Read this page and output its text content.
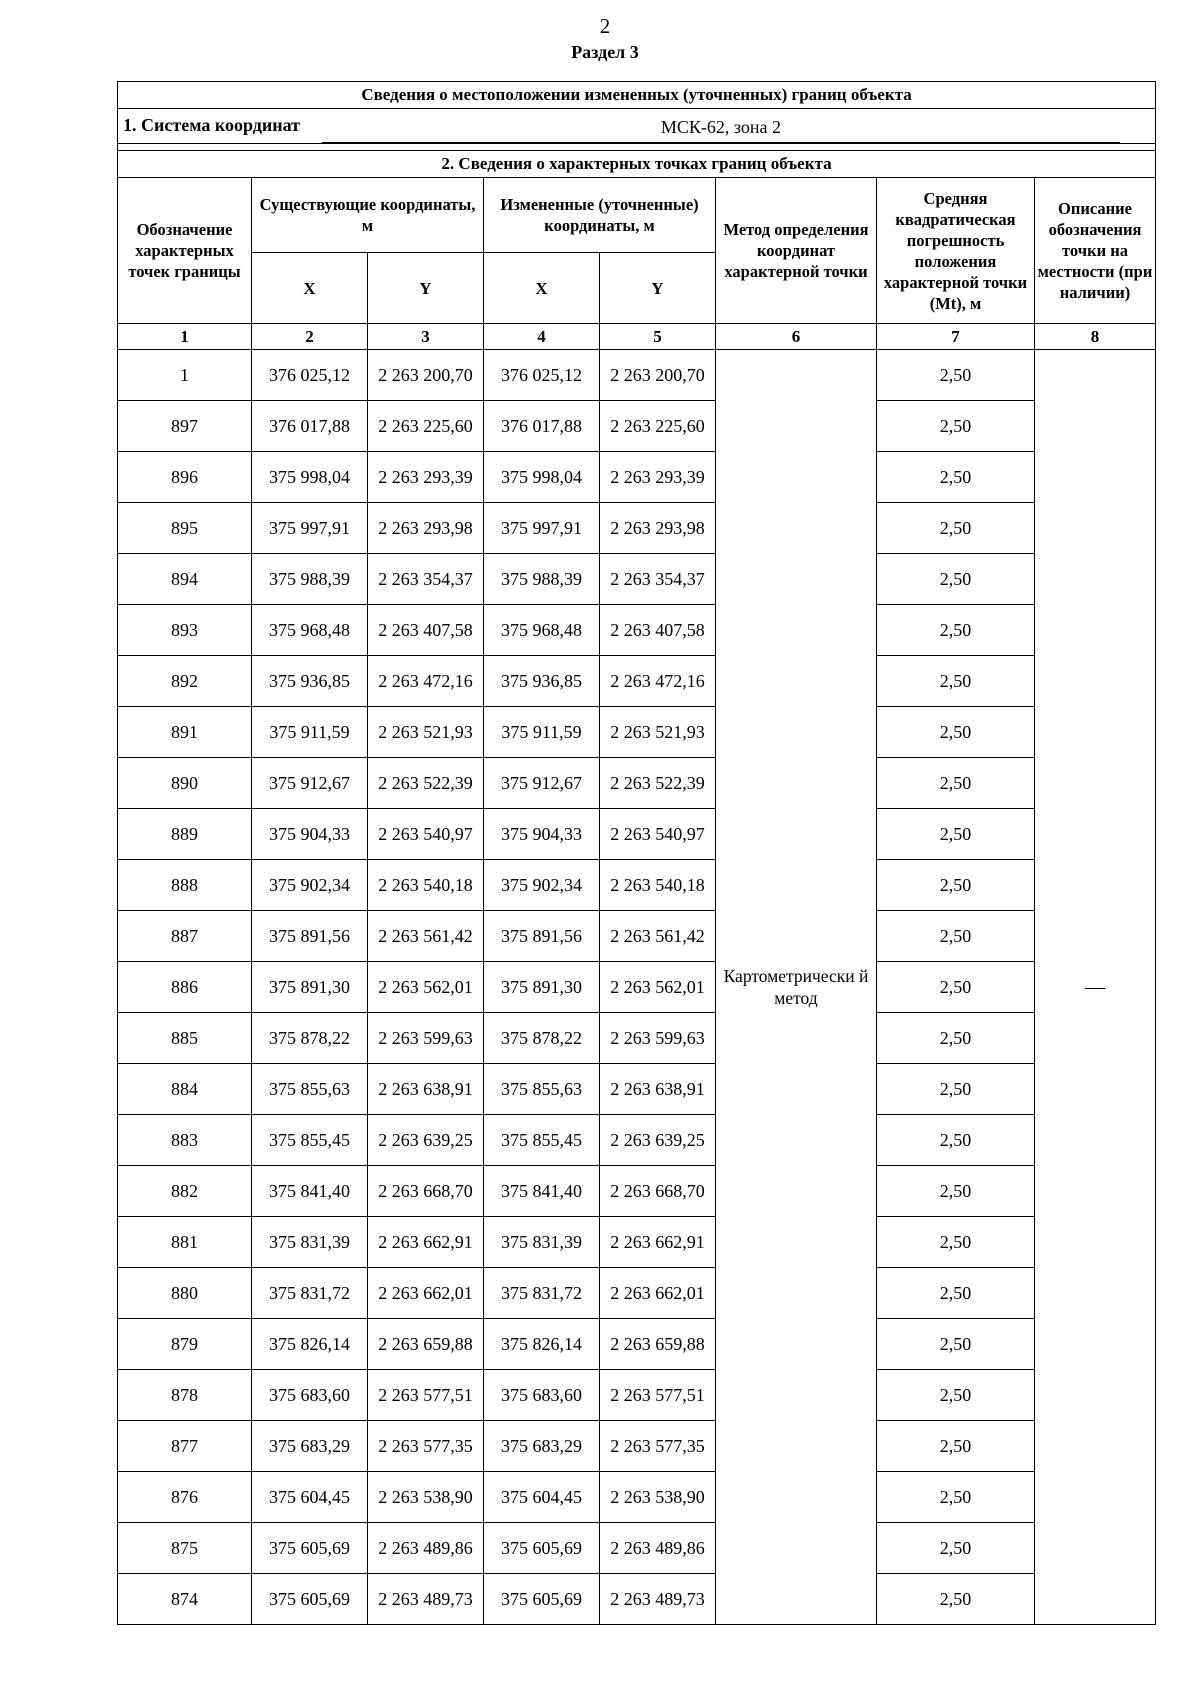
2
Раздел 3
Сведения о местоположении измененных (уточненных) границ объекта							

1. Система координат МСК-62, зона 2							

2. Сведения о характерных точках границ объекта							
Обозначение характерных точек границы	Существующие координаты, м		Измененные (уточненные) координаты, м		Метод определения координат характерной точки	Средняя квадратическая погрешность положения характерной точки (Mt), м	Описание обозначения точки на местности (при наличии)
	X	Y	X	Y			
1	2	3	4	5	6	7	8
1	376 025,12	2 263 200,70	376 025,12	2 263 200,70	Картометрически й метод	2,50	—
897	376 017,88	2 263 225,60	376 017,88	2 263 225,60		2,50	
896	375 998,04	2 263 293,39	375 998,04	2 263 293,39		2,50	
895	375 997,91	2 263 293,98	375 997,91	2 263 293,98		2,50	
894	375 988,39	2 263 354,37	375 988,39	2 263 354,37		2,50	
893	375 968,48	2 263 407,58	375 968,48	2 263 407,58		2,50	
892	375 936,85	2 263 472,16	375 936,85	2 263 472,16		2,50	
891	375 911,59	2 263 521,93	375 911,59	2 263 521,93		2,50	
890	375 912,67	2 263 522,39	375 912,67	2 263 522,39		2,50	
889	375 904,33	2 263 540,97	375 904,33	2 263 540,97		2,50	
888	375 902,34	2 263 540,18	375 902,34	2 263 540,18		2,50	
887	375 891,56	2 263 561,42	375 891,56	2 263 561,42		2,50	
886	375 891,30	2 263 562,01	375 891,30	2 263 562,01		2,50	
885	375 878,22	2 263 599,63	375 878,22	2 263 599,63		2,50	
884	375 855,63	2 263 638,91	375 855,63	2 263 638,91		2,50	
883	375 855,45	2 263 639,25	375 855,45	2 263 639,25		2,50	
882	375 841,40	2 263 668,70	375 841,40	2 263 668,70		2,50	
881	375 831,39	2 263 662,91	375 831,39	2 263 662,91		2,50	
880	375 831,72	2 263 662,01	375 831,72	2 263 662,01		2,50	
879	375 826,14	2 263 659,88	375 826,14	2 263 659,88		2,50	
878	375 683,60	2 263 577,51	375 683,60	2 263 577,51		2,50	
877	375 683,29	2 263 577,35	375 683,29	2 263 577,35		2,50	
876	375 604,45	2 263 538,90	375 604,45	2 263 538,90		2,50	
875	375 605,69	2 263 489,86	375 605,69	2 263 489,86		2,50	
874	375 605,69	2 263 489,73	375 605,69	2 263 489,73		2,50	
